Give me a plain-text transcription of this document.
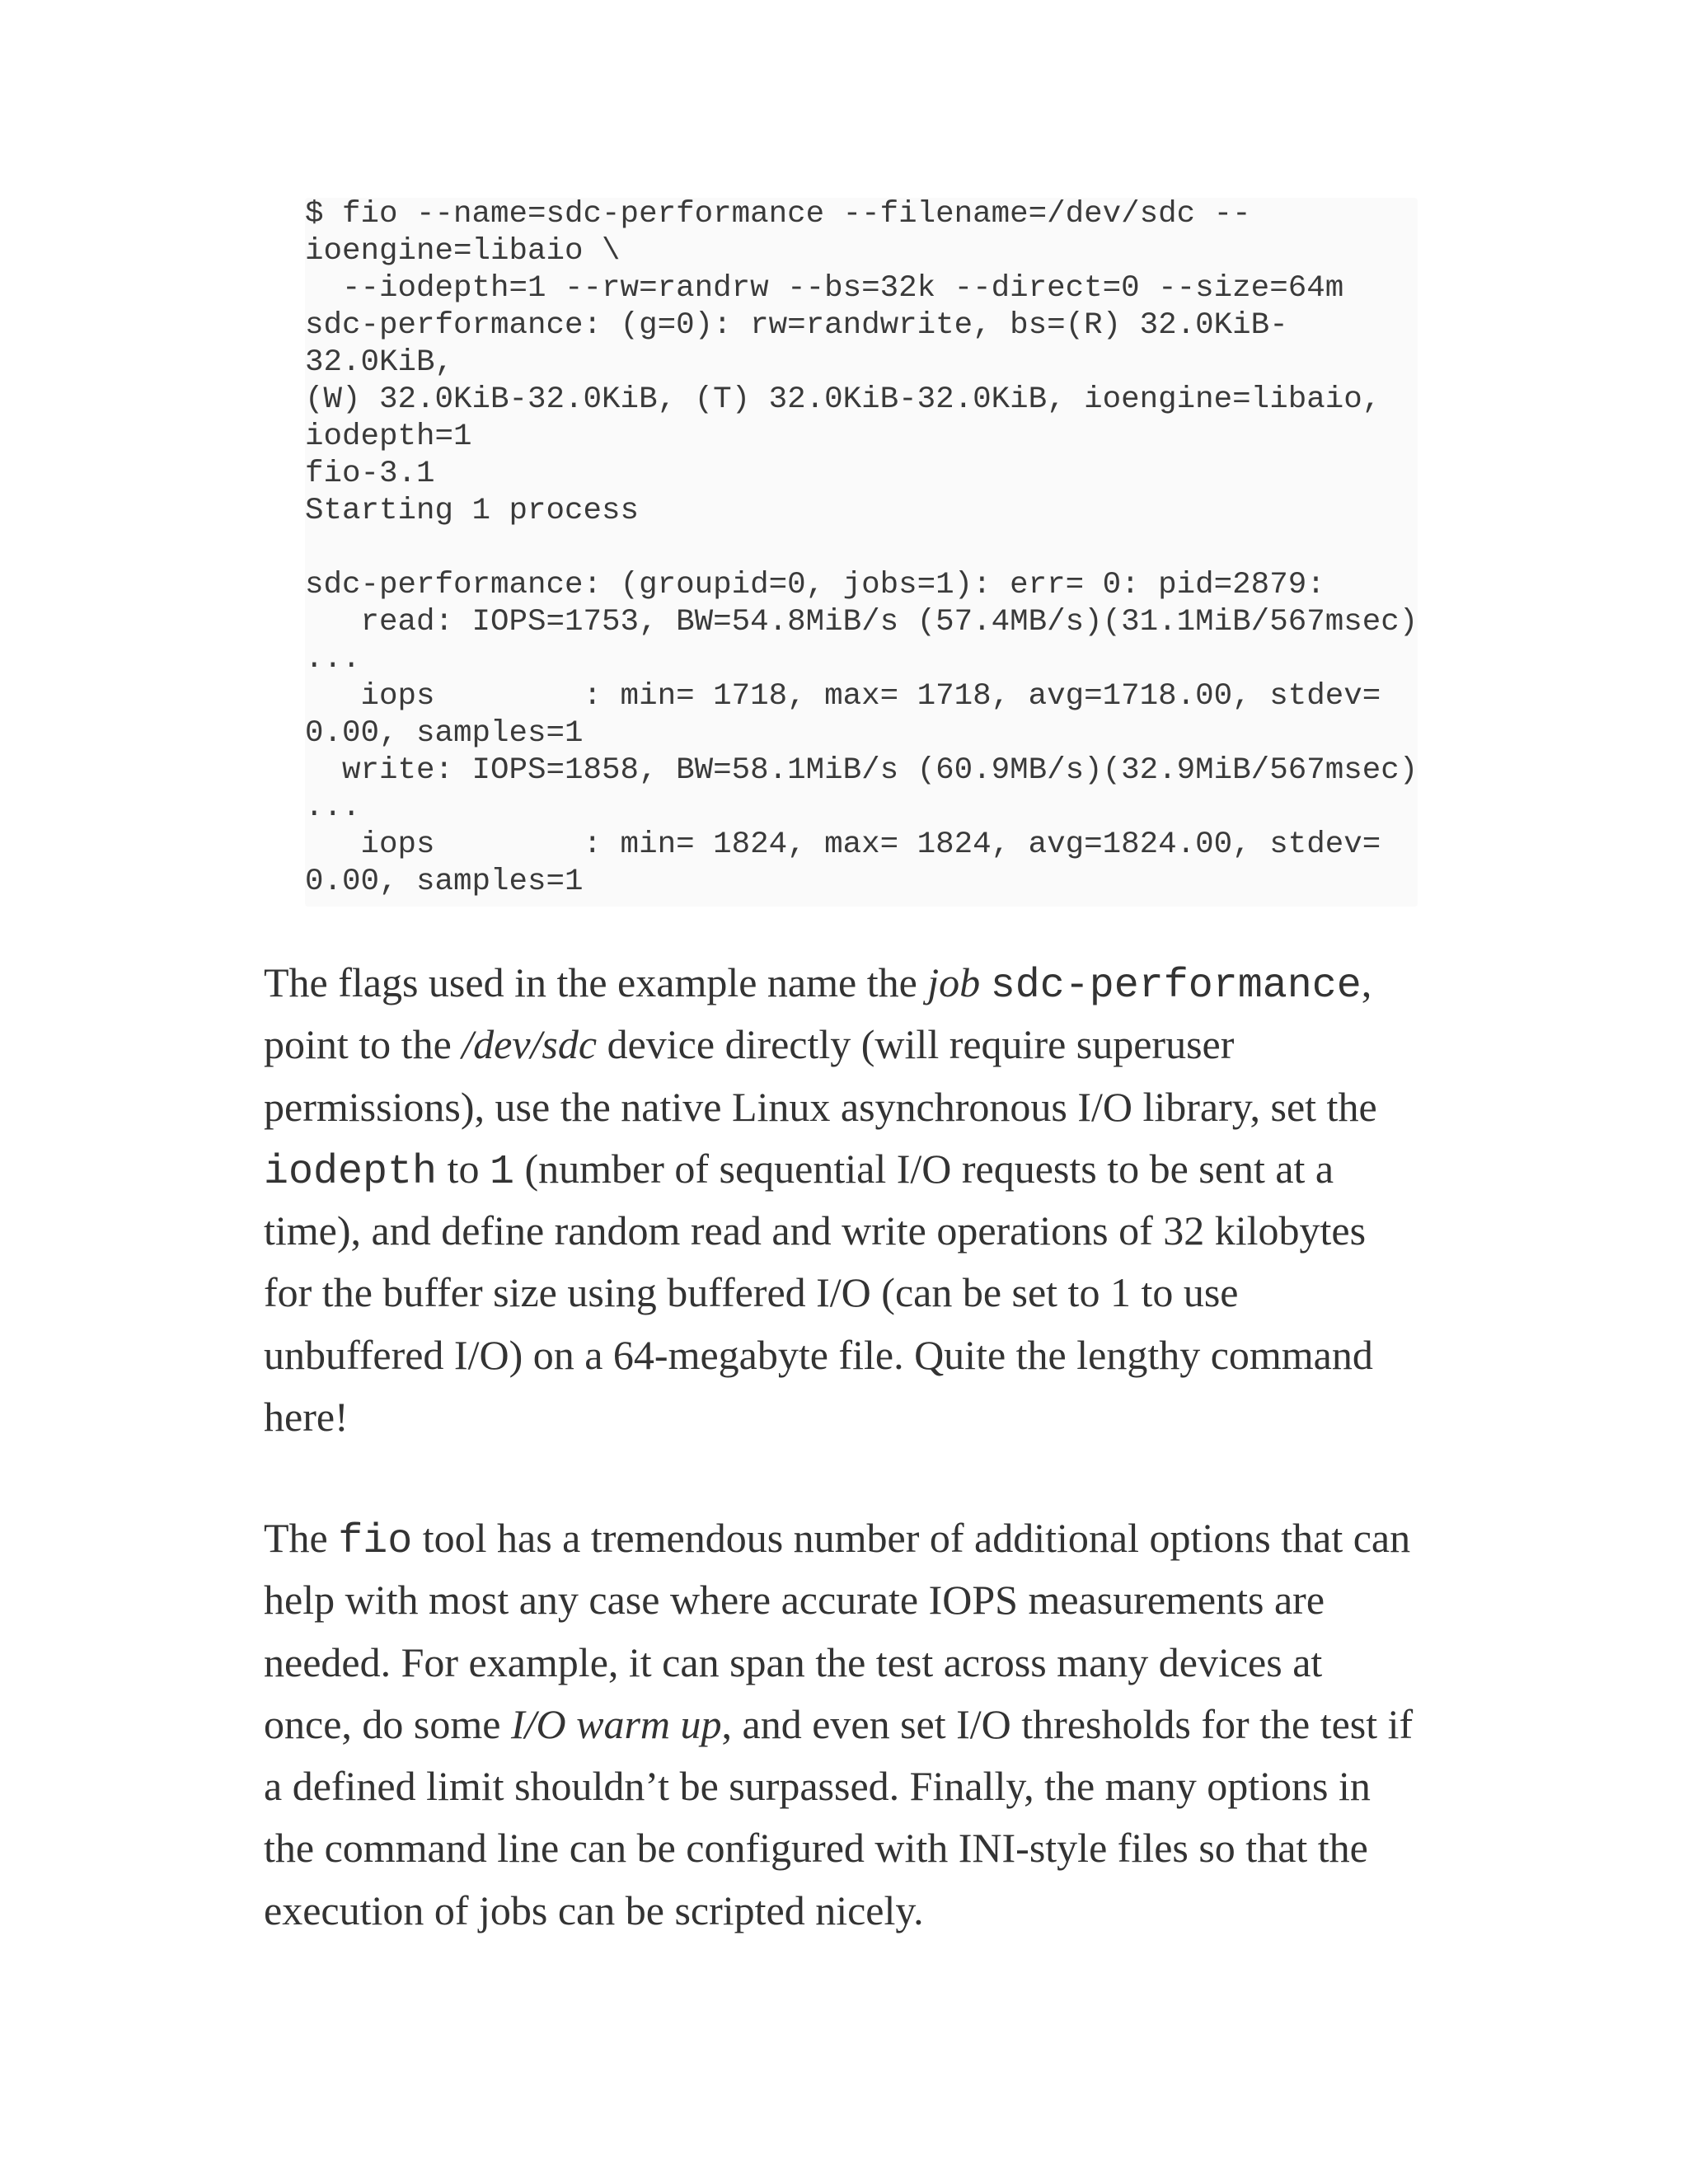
$ fio --name=sdc-performance --filename=/dev/sdc --
ioengine=libaio \
--iodepth=1 --rw=randrw --bs=32k --direct=0 --size=64m
sdc-performance: (g=0): rw=randwrite, bs=(R) 32.0KiB-
32.0KiB,
(W) 32.0KiB-32.0KiB, (T) 32.0KiB-32.0KiB, ioengine=libaio,
iodepth=1
fio-3.1
Starting 1 process
sdc-performance: (groupid=0, jobs=1): err= 0: pid=2879:
read: IOPS=1753, BW=54.8MiB/s (57.4MB/s)(31.1MiB/567msec)
...
iops        : min= 1718, max= 1718, avg=1718.00, stdev=
0.00, samples=1
write: IOPS=1858, BW=58.1MiB/s (60.9MB/s)(32.9MiB/567msec)
...
iops        : min= 1824, max= 1824, avg=1824.00, stdev=
0.00, samples=1
The flags used in the example name the job sdc-performance,
point to the /dev/sdc device directly (will require superuser
permissions), use the native Linux asynchronous I/O library, set the
iodepth to 1 (number of sequential I/O requests to be sent at a
time), and define random read and write operations of 32 kilobytes
for the buffer size using buffered I/O (can be set to 1 to use
unbuffered I/O) on a 64-megabyte file. Quite the lengthy command
here!
The fio tool has a tremendous number of additional options that can
help with most any case where accurate IOPS measurements are
needed. For example, it can span the test across many devices at
once, do some I/O warm up, and even set I/O thresholds for the test if
a defined limit shouldn’t be surpassed. Finally, the many options in
the command line can be configured with INI-style files so that the
execution of jobs can be scripted nicely.
